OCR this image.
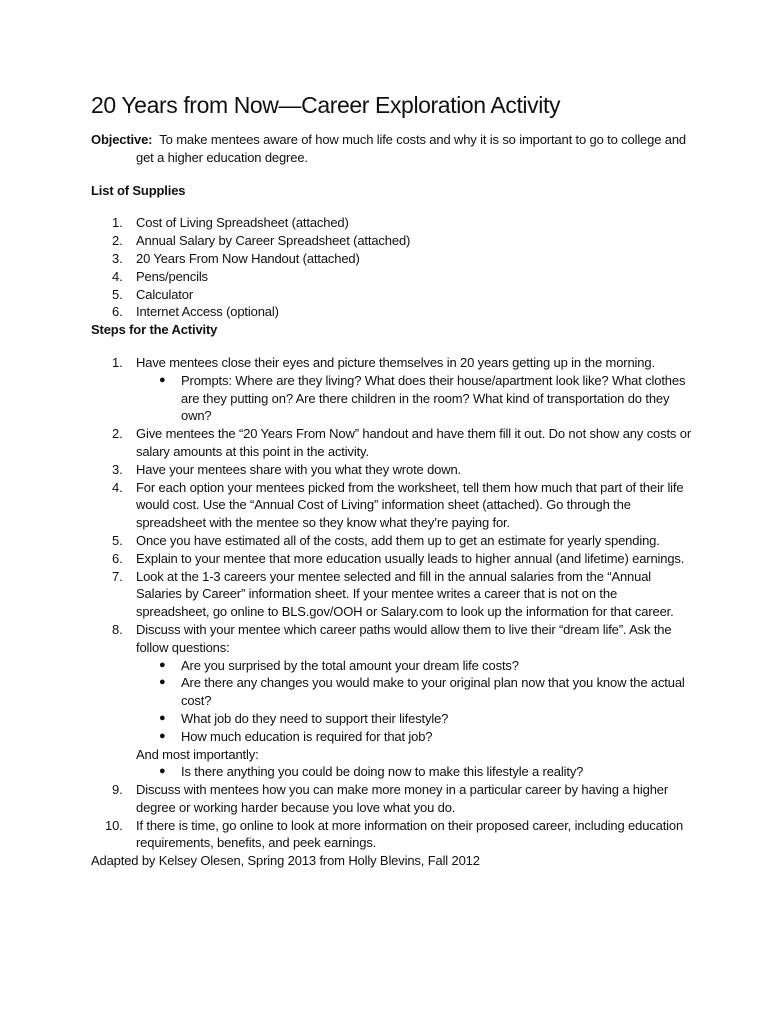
20 Years from Now—Career Exploration Activity

Objective: To make mentees aware of how much life costs and why it is so important to go to college and get a higher education degree.

List of Supplies
1. Cost of Living Spreadsheet (attached)
2. Annual Salary by Career Spreadsheet (attached)
3. 20 Years From Now Handout (attached)
4. Pens/pencils
5. Calculator
6. Internet Access (optional)
Steps for the Activity
1. Have mentees close their eyes and picture themselves in 20 years getting up in the morning.
● Prompts: Where are they living? What does their house/apartment look like? What clothes are they putting on? Are there children in the room? What kind of transportation do they own?
2. Give mentees the “20 Years From Now” handout and have them fill it out. Do not show any costs or salary amounts at this point in the activity.
3. Have your mentees share with you what they wrote down.
4. For each option your mentees picked from the worksheet, tell them how much that part of their life would cost. Use the “Annual Cost of Living” information sheet (attached). Go through the spreadsheet with the mentee so they know what they’re paying for.
5. Once you have estimated all of the costs, add them up to get an estimate for yearly spending.
6. Explain to your mentee that more education usually leads to higher annual (and lifetime) earnings.
7. Look at the 1-3 careers your mentee selected and fill in the annual salaries from the “Annual Salaries by Career” information sheet. If your mentee writes a career that is not on the spreadsheet, go online to BLS.gov/OOH or Salary.com to look up the information for that career.
8. Discuss with your mentee which career paths would allow them to live their “dream life”. Ask the follow questions:
● Are you surprised by the total amount your dream life costs?
● Are there any changes you would make to your original plan now that you know the actual cost?
● What job do they need to support their lifestyle?
● How much education is required for that job?
And most importantly:
● Is there anything you could be doing now to make this lifestyle a reality?
9. Discuss with mentees how you can make more money in a particular career by having a higher degree or working harder because you love what you do.
10. If there is time, go online to look at more information on their proposed career, including education requirements, benefits, and peek earnings.

Adapted by Kelsey Olesen, Spring 2013 from Holly Blevins, Fall 2012
